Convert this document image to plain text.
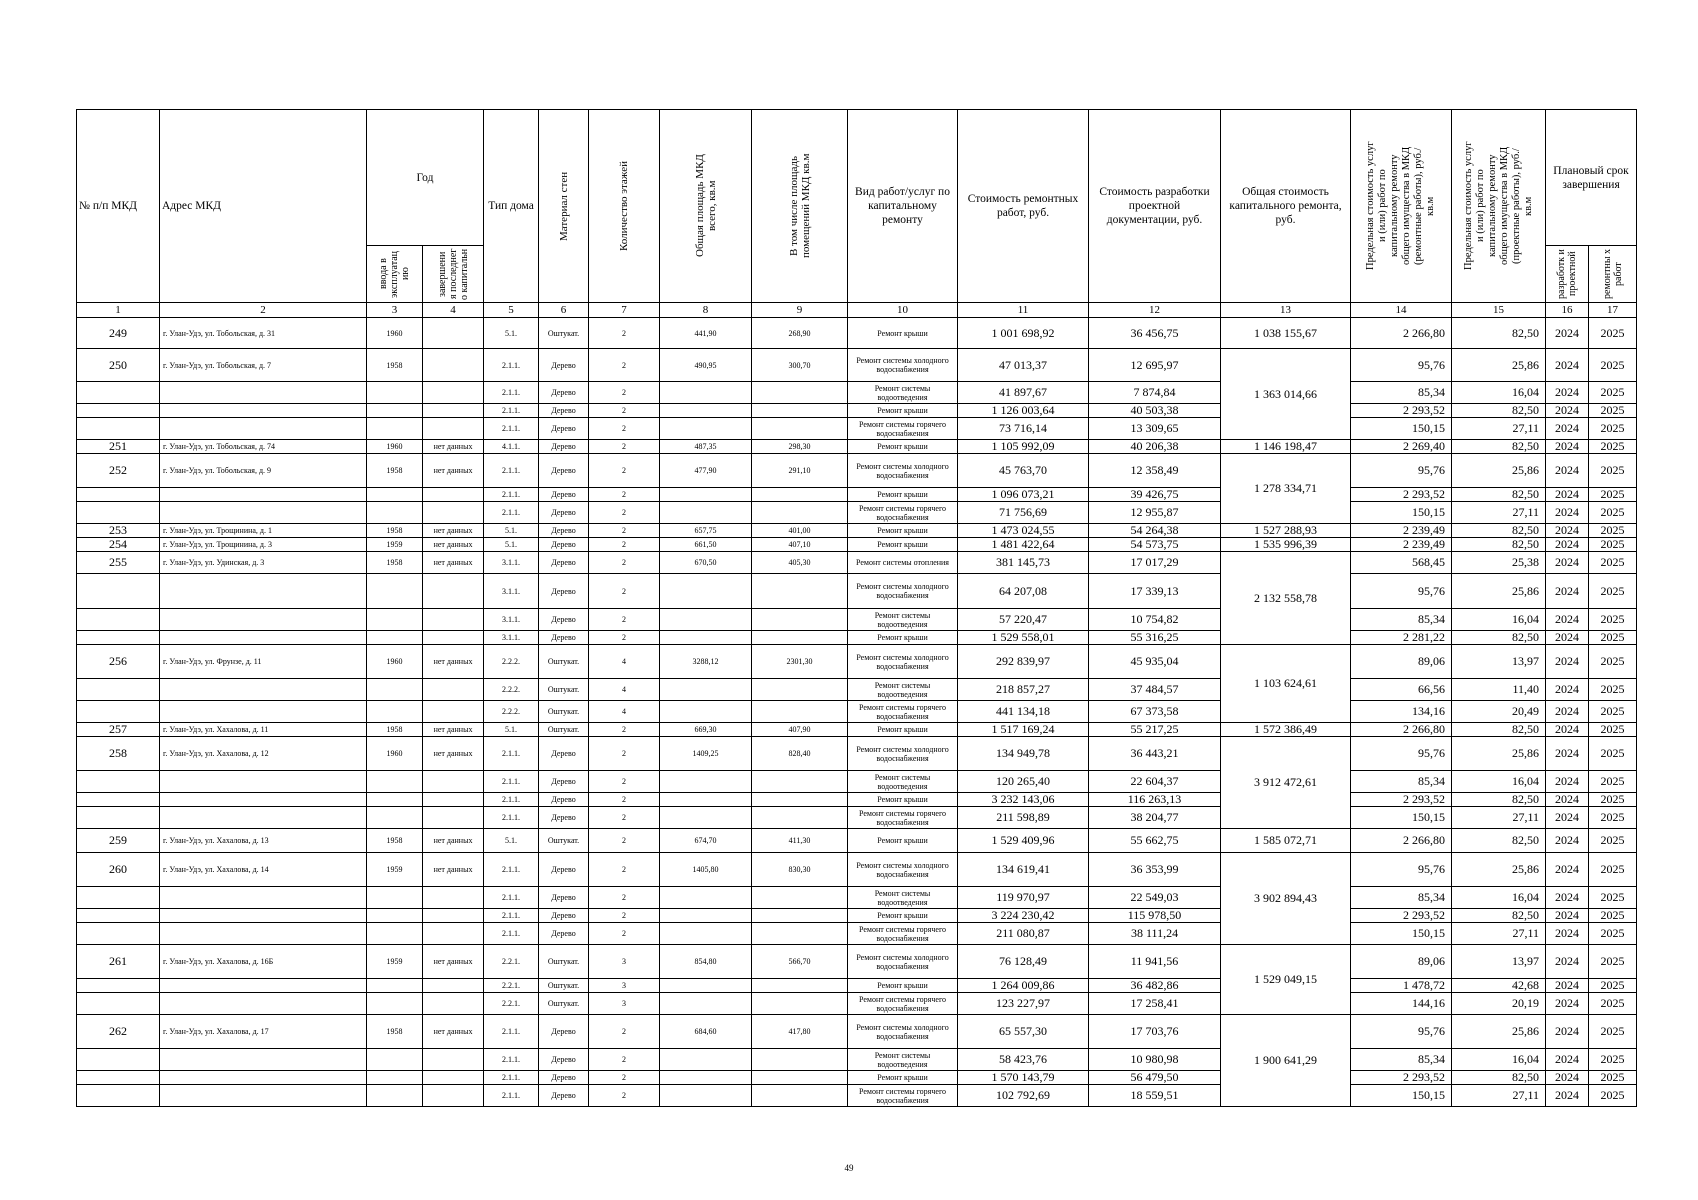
№ п/п МКД	Адрес МКД	Год		Тип дома	Материал стен	Количество этажей	Общая площадь МКД всего, кв.м	В том числе площадь помещений МКД кв.м	Вид работ/услуг по капитальному ремонту	Стоимость ремонтных работ, руб.	Стоимость разработки проектной документации, руб.	Общая стоимость капитального ремонта, руб.	Предельная стоимость услуг и (или) работ по капитальному ремонту общего имущества в МКД (ремонтные работы), руб./кв.м	Предельная стоимость услуг и (или) работ по капитальному ремонту общего имущества в МКД (проектные работы), руб./кв.м	Плановый срок завершения	

		ввода в эксплуатац ию	завершени я последнег о капитальн												разработк и проектной	ремонтны х работ

1	2	3	4	5	6	7	8	9	10	11	12	13	14	15	16	17
249	г. Улан-Удэ, ул. Тобольская, д. 31	1960		5.1.	Оштукат.	2	441,90	268,90	Ремонт крыши	1 001 698,92	36 456,75	1 038 155,67	2 266,80	82,50	2024	2025
250	г. Улан-Удэ, ул. Тобольская, д. 7	1958		2.1.1.	Дерево	2	490,95	300,70	Ремонт системы холодного водоснабжения	47 013,37	12 695,97	1 363 014,66	95,76	25,86	2024	2025
				2.1.1.	Дерево	2			Ремонт системы водоотведения	41 897,67	7 874,84		85,34	16,04	2024	2025
				2.1.1.	Дерево	2			Ремонт крыши	1 126 003,64	40 503,38		2 293,52	82,50	2024	2025
				2.1.1.	Дерево	2			Ремонт системы горячего водоснабжения	73 716,14	13 309,65		150,15	27,11	2024	2025
251	г. Улан-Удэ, ул. Тобольская, д. 74	1960	нет данных	4.1.1.	Дерево	2	487,35	298,30	Ремонт крыши	1 105 992,09	40 206,38	1 146 198,47	2 269,40	82,50	2024	2025
252	г. Улан-Удэ, ул. Тобольская, д. 9	1958	нет данных	2.1.1.	Дерево	2	477,90	291,10	Ремонт системы холодного водоснабжения	45 763,70	12 358,49	1 278 334,71	95,76	25,86	2024	2025
				2.1.1.	Дерево	2			Ремонт крыши	1 096 073,21	39 426,75		2 293,52	82,50	2024	2025
				2.1.1.	Дерево	2			Ремонт системы горячего водоснабжения	71 756,69	12 955,87		150,15	27,11	2024	2025
253	г. Улан-Удэ, ул. Трощинина, д. 1	1958	нет данных	5.1.	Дерево	2	657,75	401,00	Ремонт крыши	1 473 024,55	54 264,38	1 527 288,93	2 239,49	82,50	2024	2025
254	г. Улан-Удэ, ул. Трощинина, д. 3	1959	нет данных	5.1.	Дерево	2	661,50	407,10	Ремонт крыши	1 481 422,64	54 573,75	1 535 996,39	2 239,49	82,50	2024	2025
255	г. Улан-Удэ, ул. Удинская, д. 3	1958	нет данных	3.1.1.	Дерево	2	670,50	405,30	Ремонт системы отопления	381 145,73	17 017,29	2 132 558,78	568,45	25,38	2024	2025
				3.1.1.	Дерево	2			Ремонт системы холодного водоснабжения	64 207,08	17 339,13		95,76	25,86	2024	2025
				3.1.1.	Дерево	2			Ремонт системы водоотведения	57 220,47	10 754,82		85,34	16,04	2024	2025
				3.1.1.	Дерево	2			Ремонт крыши	1 529 558,01	55 316,25		2 281,22	82,50	2024	2025
256	г. Улан-Удэ, ул. Фрунзе, д. 11	1960	нет данных	2.2.2.	Оштукат.	4	3288,12	2301,30	Ремонт системы холодного водоснабжения	292 839,97	45 935,04	1 103 624,61	89,06	13,97	2024	2025
				2.2.2.	Оштукат.	4			Ремонт системы водоотведения	218 857,27	37 484,57		66,56	11,40	2024	2025
				2.2.2.	Оштукат.	4			Ремонт системы горячего водоснабжения	441 134,18	67 373,58		134,16	20,49	2024	2025
257	г. Улан-Удэ, ул. Хахалова, д. 11	1958	нет данных	5.1.	Оштукат.	2	669,30	407,90	Ремонт крыши	1 517 169,24	55 217,25	1 572 386,49	2 266,80	82,50	2024	2025
258	г. Улан-Удэ, ул. Хахалова, д. 12	1960	нет данных	2.1.1.	Дерево	2	1409,25	828,40	Ремонт системы холодного водоснабжения	134 949,78	36 443,21	3 912 472,61	95,76	25,86	2024	2025
				2.1.1.	Дерево	2			Ремонт системы водоотведения	120 265,40	22 604,37		85,34	16,04	2024	2025
				2.1.1.	Дерево	2			Ремонт крыши	3 232 143,06	116 263,13		2 293,52	82,50	2024	2025
				2.1.1.	Дерево	2			Ремонт системы горячего водоснабжения	211 598,89	38 204,77		150,15	27,11	2024	2025
259	г. Улан-Удэ, ул. Хахалова, д. 13	1958	нет данных	5.1.	Оштукат.	2	674,70	411,30	Ремонт крыши	1 529 409,96	55 662,75	1 585 072,71	2 266,80	82,50	2024	2025
260	г. Улан-Удэ, ул. Хахалова, д. 14	1959	нет данных	2.1.1.	Дерево	2	1405,80	830,30	Ремонт системы холодного водоснабжения	134 619,41	36 353,99	3 902 894,43	95,76	25,86	2024	2025
				2.1.1.	Дерево	2			Ремонт системы водоотведения	119 970,97	22 549,03		85,34	16,04	2024	2025
				2.1.1.	Дерево	2			Ремонт крыши	3 224 230,42	115 978,50		2 293,52	82,50	2024	2025
				2.1.1.	Дерево	2			Ремонт системы горячего водоснабжения	211 080,87	38 111,24		150,15	27,11	2024	2025
261	г. Улан-Удэ, ул. Хахалова, д. 16Б	1959	нет данных	2.2.1.	Оштукат.	3	854,80	566,70	Ремонт системы холодного водоснабжения	76 128,49	11 941,56	1 529 049,15	89,06	13,97	2024	2025
				2.2.1.	Оштукат.	3			Ремонт крыши	1 264 009,86	36 482,86		1 478,72	42,68	2024	2025
				2.2.1.	Оштукат.	3			Ремонт системы горячего водоснабжения	123 227,97	17 258,41		144,16	20,19	2024	2025
262	г. Улан-Удэ, ул. Хахалова, д. 17	1958	нет данных	2.1.1.	Дерево	2	684,60	417,80	Ремонт системы холодного водоснабжения	65 557,30	17 703,76	1 900 641,29	95,76	25,86	2024	2025
				2.1.1.	Дерево	2			Ремонт системы водоотведения	58 423,76	10 980,98		85,34	16,04	2024	2025
				2.1.1.	Дерево	2			Ремонт крыши	1 570 143,79	56 479,50		2 293,52	82,50	2024	2025
				2.1.1.	Дерево	2			Ремонт системы горячего водоснабжения	102 792,69	18 559,51		150,15	27,11	2024	2025
49
